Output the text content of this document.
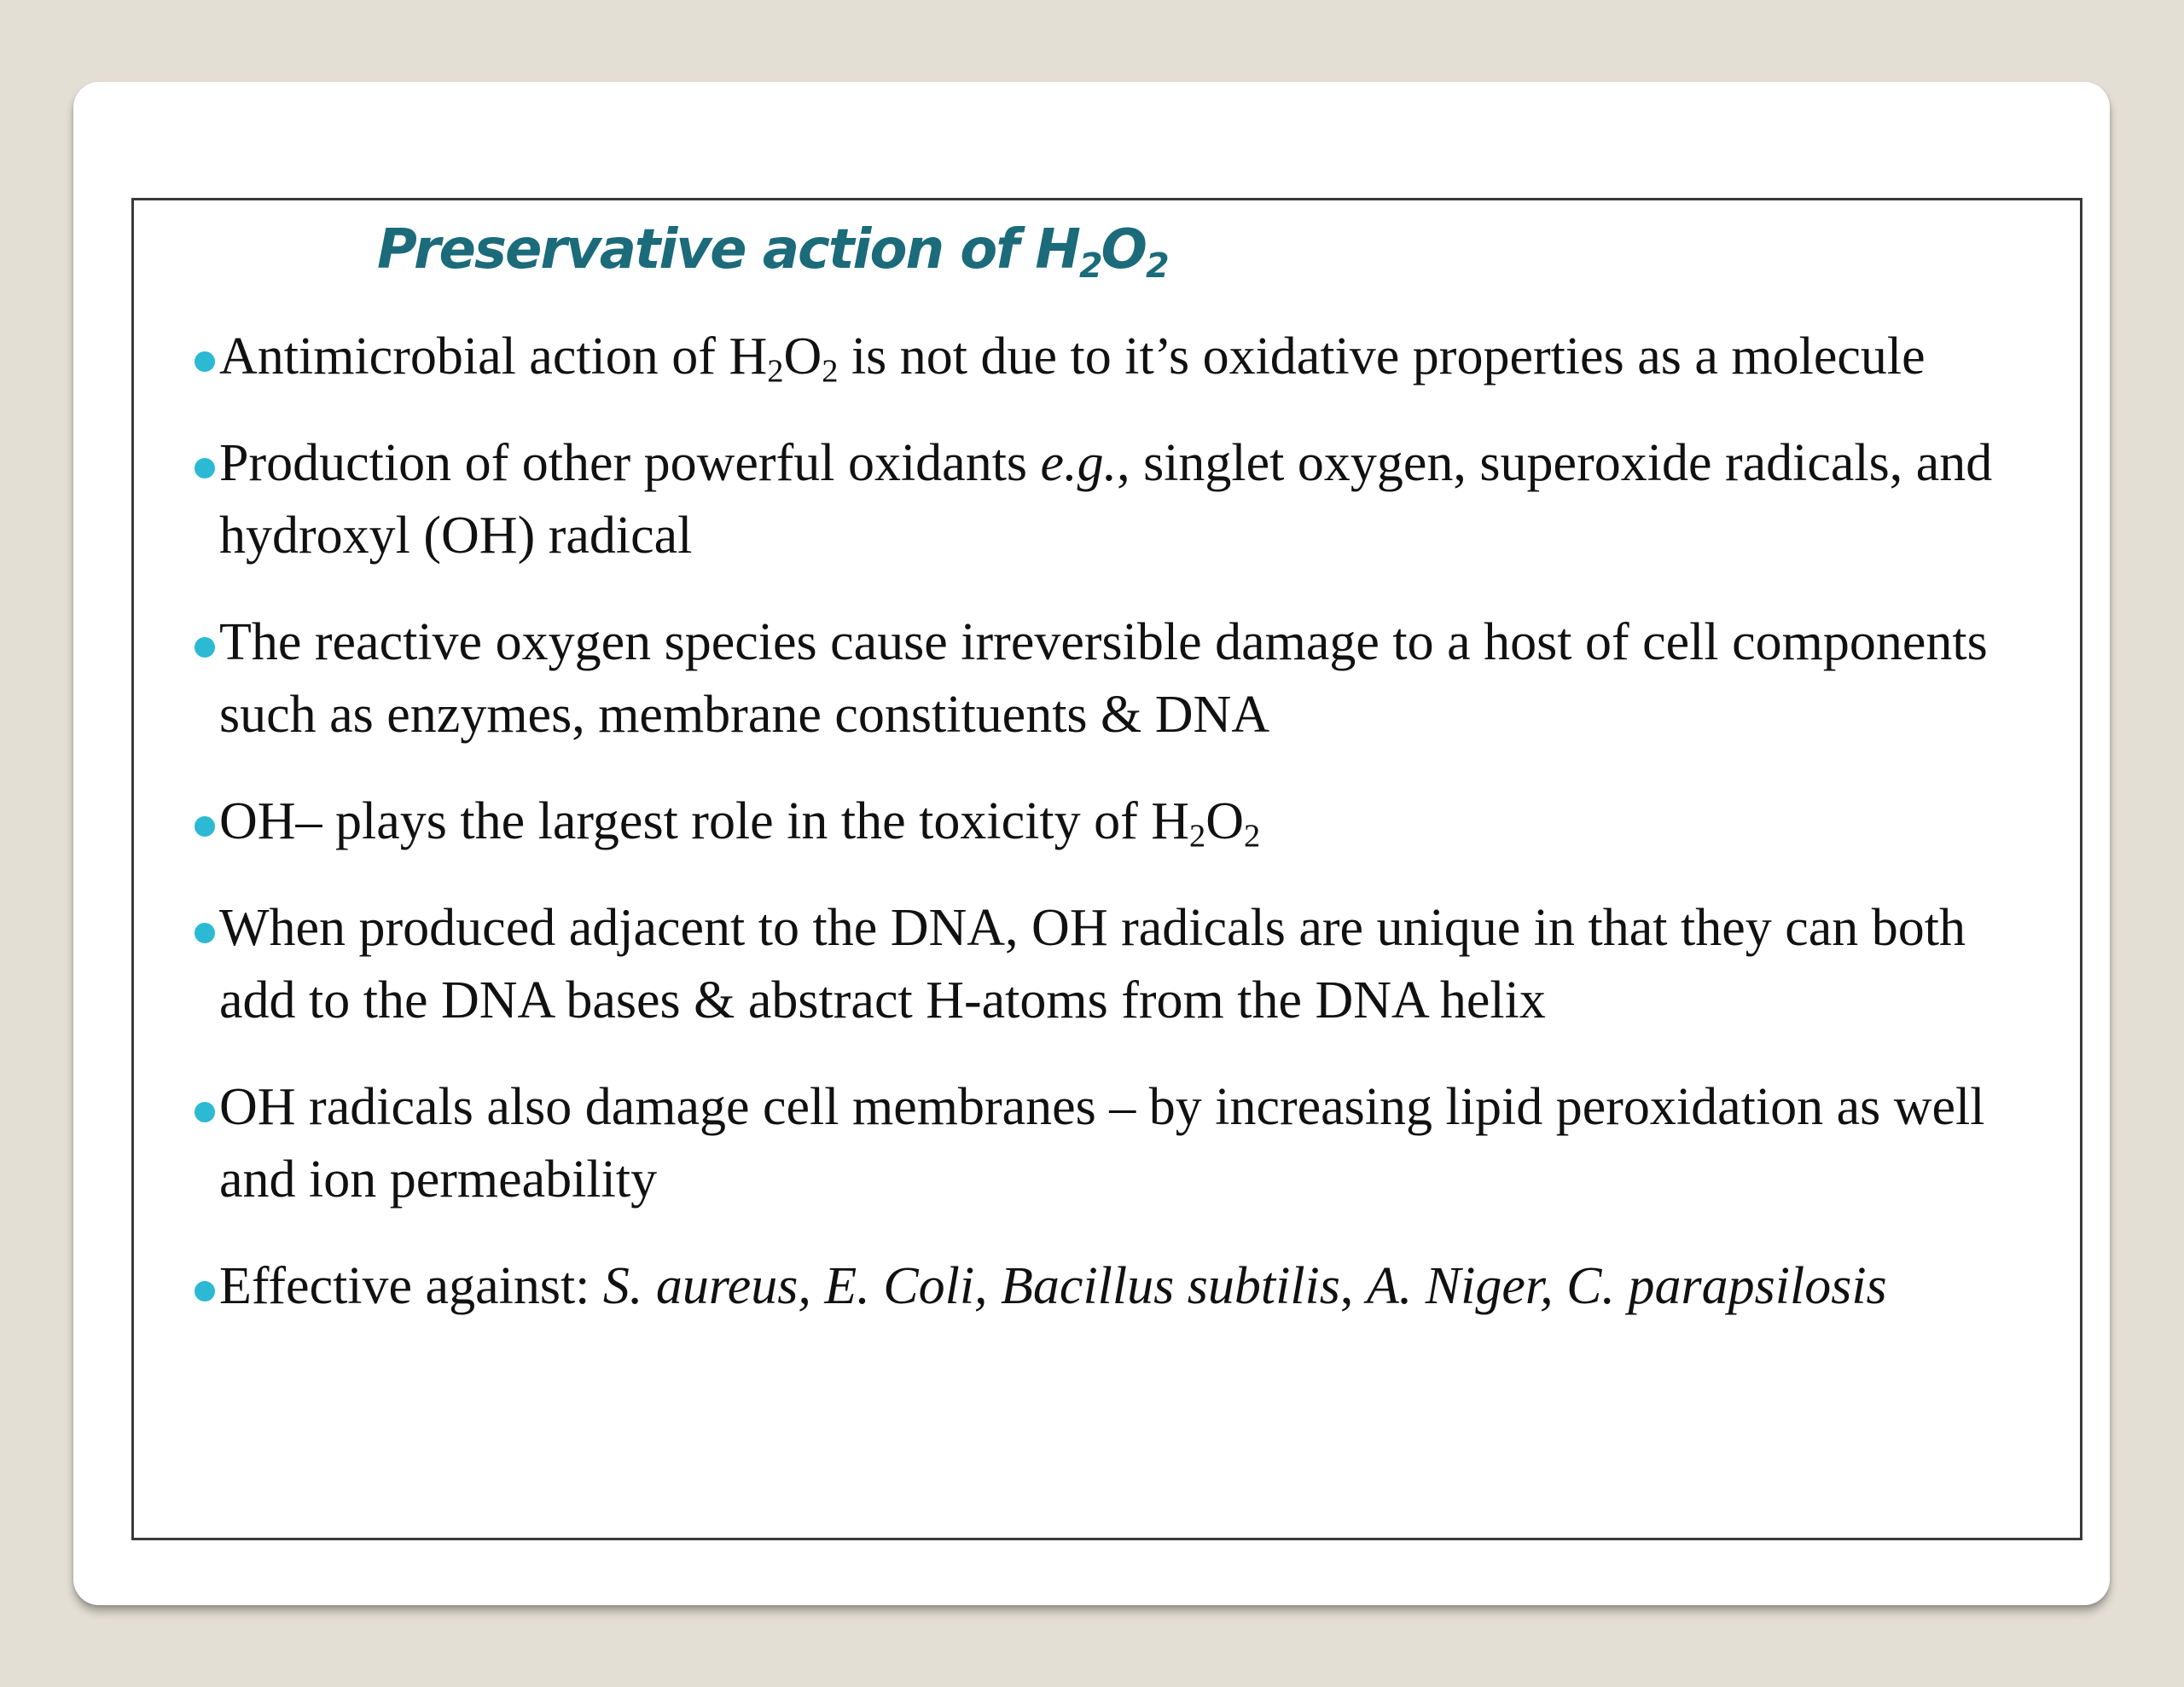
Preservative action of $H_2O_2$
Antimicrobial action of $H_2O_2$ is not due to it’s oxidative properties as a molecule
Production of other powerful oxidants e.g., singlet oxygen, superoxide radicals, and hydroxyl (OH) radical
The reactive oxygen species cause irreversible damage to a host of cell components such as enzymes, membrane constituents & DNA
OH– plays the largest role in the toxicity of $H_2O_2$
When produced adjacent to the DNA, OH radicals are unique in that they can both add to the DNA bases & abstract H-atoms from the DNA helix
OH radicals also damage cell membranes – by increasing lipid peroxidation as well and ion permeability
Effective against: S. aureus, E. Coli, Bacillus subtilis, A. Niger, C. parapsilosis
